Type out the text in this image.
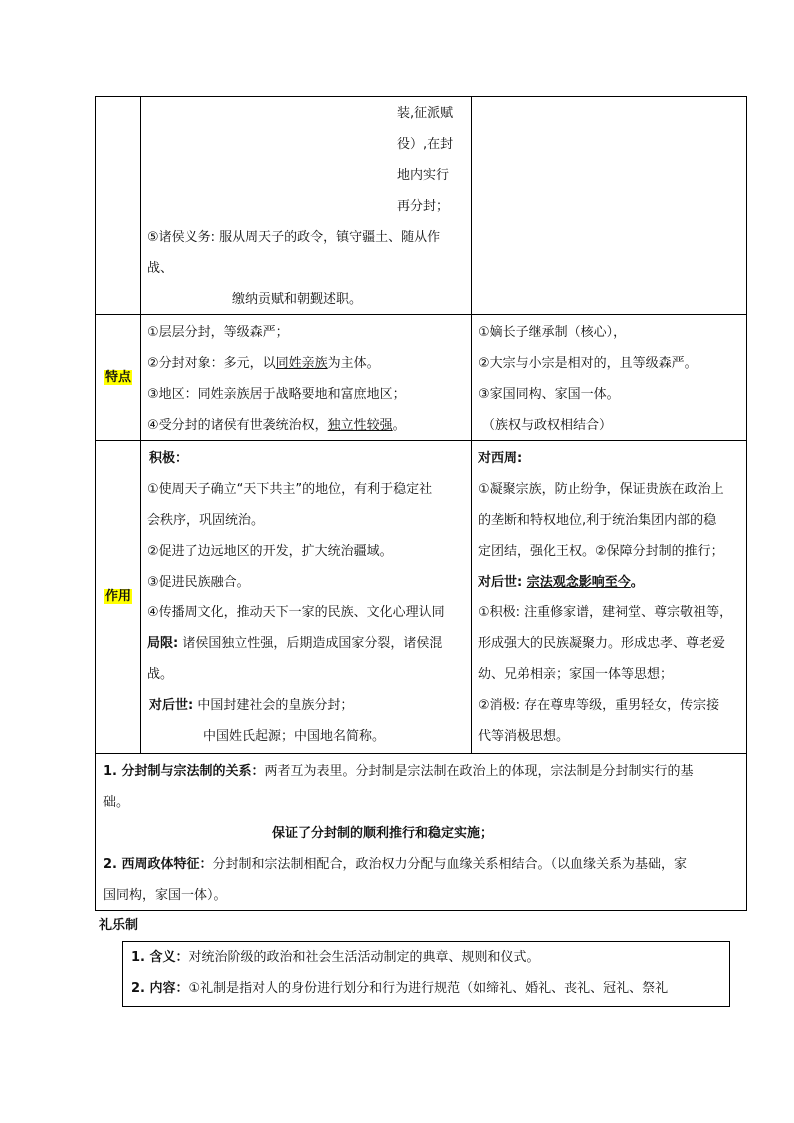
装,征派赋
役）,在封
地内实行
再分封；
⑤诸侯义务: 服从周天子的政令，镇守疆土、随从作
战、
缴纳贡赋和朝觐述职。
特点
①层层分封，等级森严；
②分封对象：多元，以同姓亲族为主体。
③地区：同姓亲族居于战略要地和富庶地区；
④受分封的诸侯有世袭统治权，独立性较强。
①嫡长子继承制（核心），
②大宗与小宗是相对的，且等级森严。
③家国同构、家国一体。
（族权与政权相结合）
作用
积极：
①使周天子确立“天下共主”的地位，有利于稳定社
会秩序，巩固统治。
②促进了边远地区的开发，扩大统治疆域。
③促进民族融合。
④传播周文化，推动天下一家的民族、文化心理认同
局限: 诸侯国独立性强，后期造成国家分裂，诸侯混
战。
对后世: 中国封建社会的皇族分封；
中国姓氏起源；中国地名简称。
对西周:
①凝聚宗族，防止纷争，保证贵族在政治上
的垄断和特权地位,利于统治集团内部的稳
定团结，强化王权。②保障分封制的推行；
对后世: 宗法观念影响至今。
①积极: 注重修家谱，建祠堂、尊宗敬祖等，
形成强大的民族凝聚力。形成忠孝、尊老爱
幼、兄弟相亲；家国一体等思想；
②消极: 存在尊卑等级，重男轻女，传宗接
代等消极思想。
1. 分封制与宗法制的关系：两者互为表里。分封制是宗法制在政治上的体现，宗法制是分封制实行的基
础。
保证了分封制的顺利推行和稳定实施；
2. 西周政体特征：分封制和宗法制相配合，政治权力分配与血缘关系相结合。（以血缘关系为基础，家
国同构，家国一体）。
礼乐制
1. 含义：对统治阶级的政治和社会生活活动制定的典章、规则和仪式。
2. 内容：①礼制是指对人的身份进行划分和行为进行规范（如缔礼、婚礼、丧礼、冠礼、祭礼
